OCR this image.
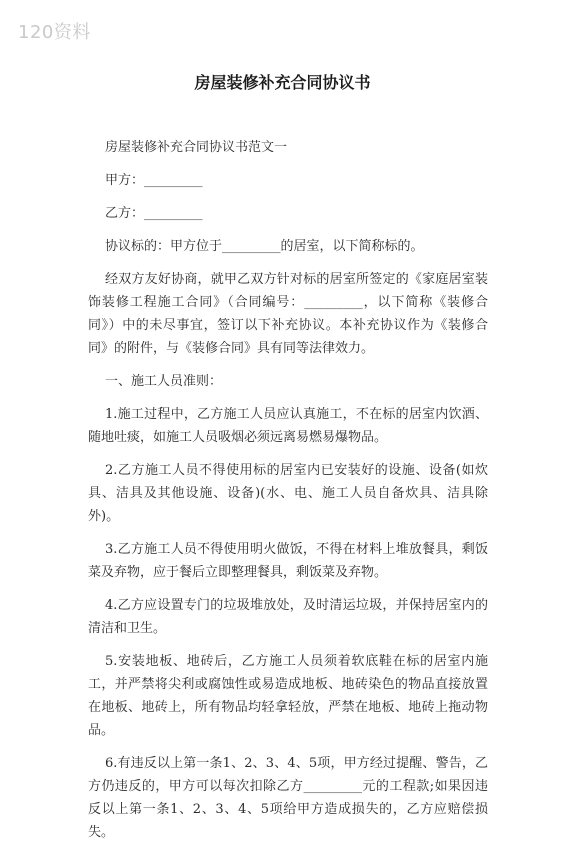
120资料
房屋装修补充合同协议书

房屋装修补充合同协议书范文一

甲方：_________

乙方：_________

协议标的：甲方位于_________的居室，以下简称标的。

经双方友好协商，就甲乙双方针对标的居室所签定的《家庭居室装饰装修工程施工合同》（合同编号：_________，以下简称《装修合同》）中的未尽事宜，签订以下补充协议。本补充协议作为《装修合同》的附件，与《装修合同》具有同等法律效力。

一、施工人员准则：

1.施工过程中，乙方施工人员应认真施工，不在标的居室内饮酒、随地吐痰，如施工人员吸烟必须远离易燃易爆物品。

2.乙方施工人员不得使用标的居室内已安装好的设施、设备(如炊具、洁具及其他设施、设备)(水、电、施工人员自备炊具、洁具除外)。

3.乙方施工人员不得使用明火做饭，不得在材料上堆放餐具，剩饭菜及弃物，应于餐后立即整理餐具，剩饭菜及弃物。

4.乙方应设置专门的垃圾堆放处，及时清运垃圾，并保持居室内的清洁和卫生。

5.安装地板、地砖后，乙方施工人员须着软底鞋在标的居室内施工，并严禁将尖利或腐蚀性或易造成地板、地砖染色的物品直接放置在地板、地砖上，所有物品均轻拿轻放，严禁在地板、地砖上拖动物品。

6.有违反以上第一条1、2、3、4、5项，甲方经过提醒、警告，乙方仍违反的，甲方可以每次扣除乙方_________元的工程款;如果因违反以上第一条1、2、3、4、5项给甲方造成损失的，乙方应赔偿损失。
